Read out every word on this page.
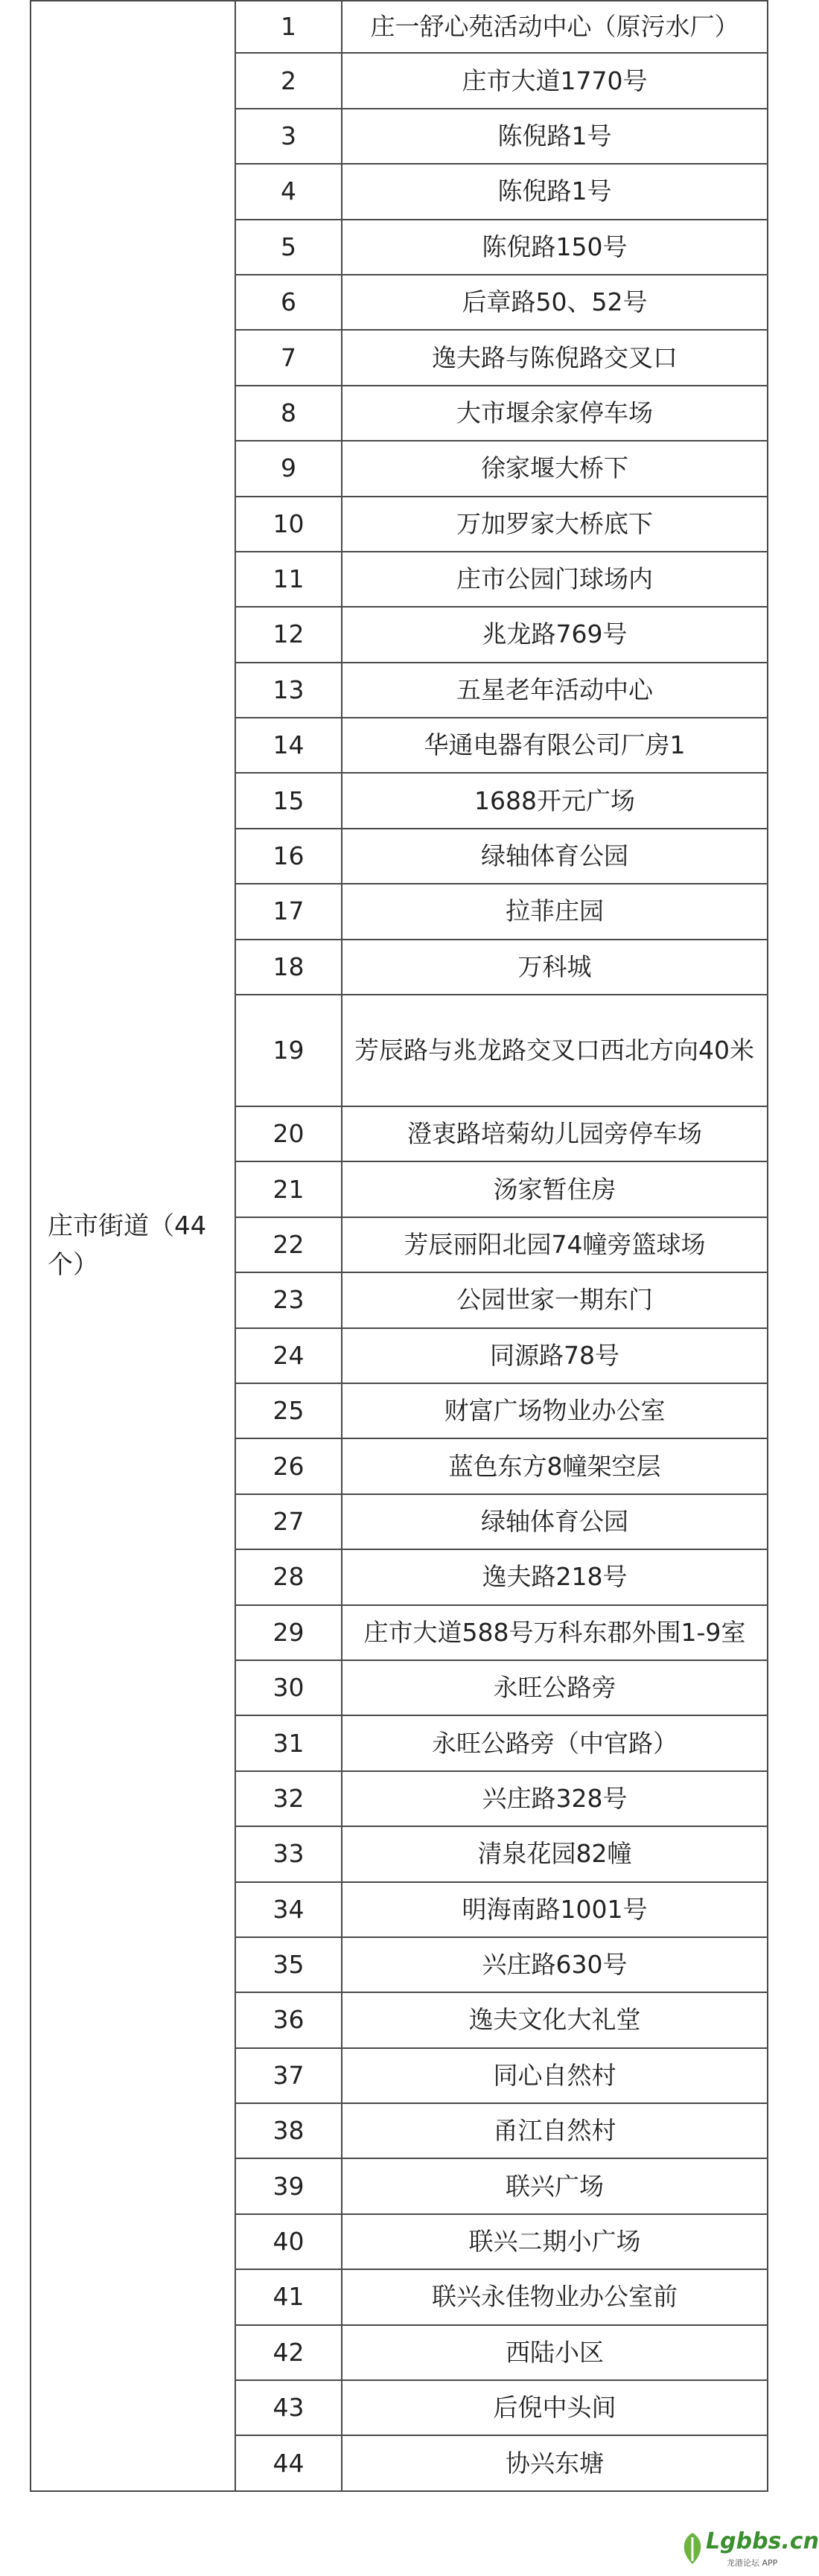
庄市街道（44个）	1	庄一舒心苑活动中心（原污水厂）
	2	庄市大道1770号
	3	陈倪路1号
	4	陈倪路1号
	5	陈倪路150号
	6	后章路50、52号
	7	逸夫路与陈倪路交叉口
	8	大市堰余家停车场
	9	徐家堰大桥下
	10	万加罗家大桥底下
	11	庄市公园门球场内
	12	兆龙路769号
	13	五星老年活动中心
	14	华通电器有限公司厂房1
	15	1688开元广场
	16	绿轴体育公园
	17	拉菲庄园
	18	万科城
	19	芳辰路与兆龙路交叉口西北方向40米
	20	澄衷路培菊幼儿园旁停车场
	21	汤家暂住房
	22	芳辰丽阳北园74幢旁篮球场
	23	公园世家一期东门
	24	同源路78号
	25	财富广场物业办公室
	26	蓝色东方8幢架空层
	27	绿轴体育公园
	28	逸夫路218号
	29	庄市大道588号万科东郡外围1-9室
	30	永旺公路旁
	31	永旺公路旁（中官路）
	32	兴庄路328号
	33	清泉花园82幢
	34	明海南路1001号
	35	兴庄路630号
	36	逸夫文化大礼堂
	37	同心自然村
	38	甬江自然村
	39	联兴广场
	40	联兴二期小广场
	41	联兴永佳物业办公室前
	42	西陆小区
	43	后倪中头间
	44	协兴东塘
Lgbbs.cn
龙港论坛 APP
